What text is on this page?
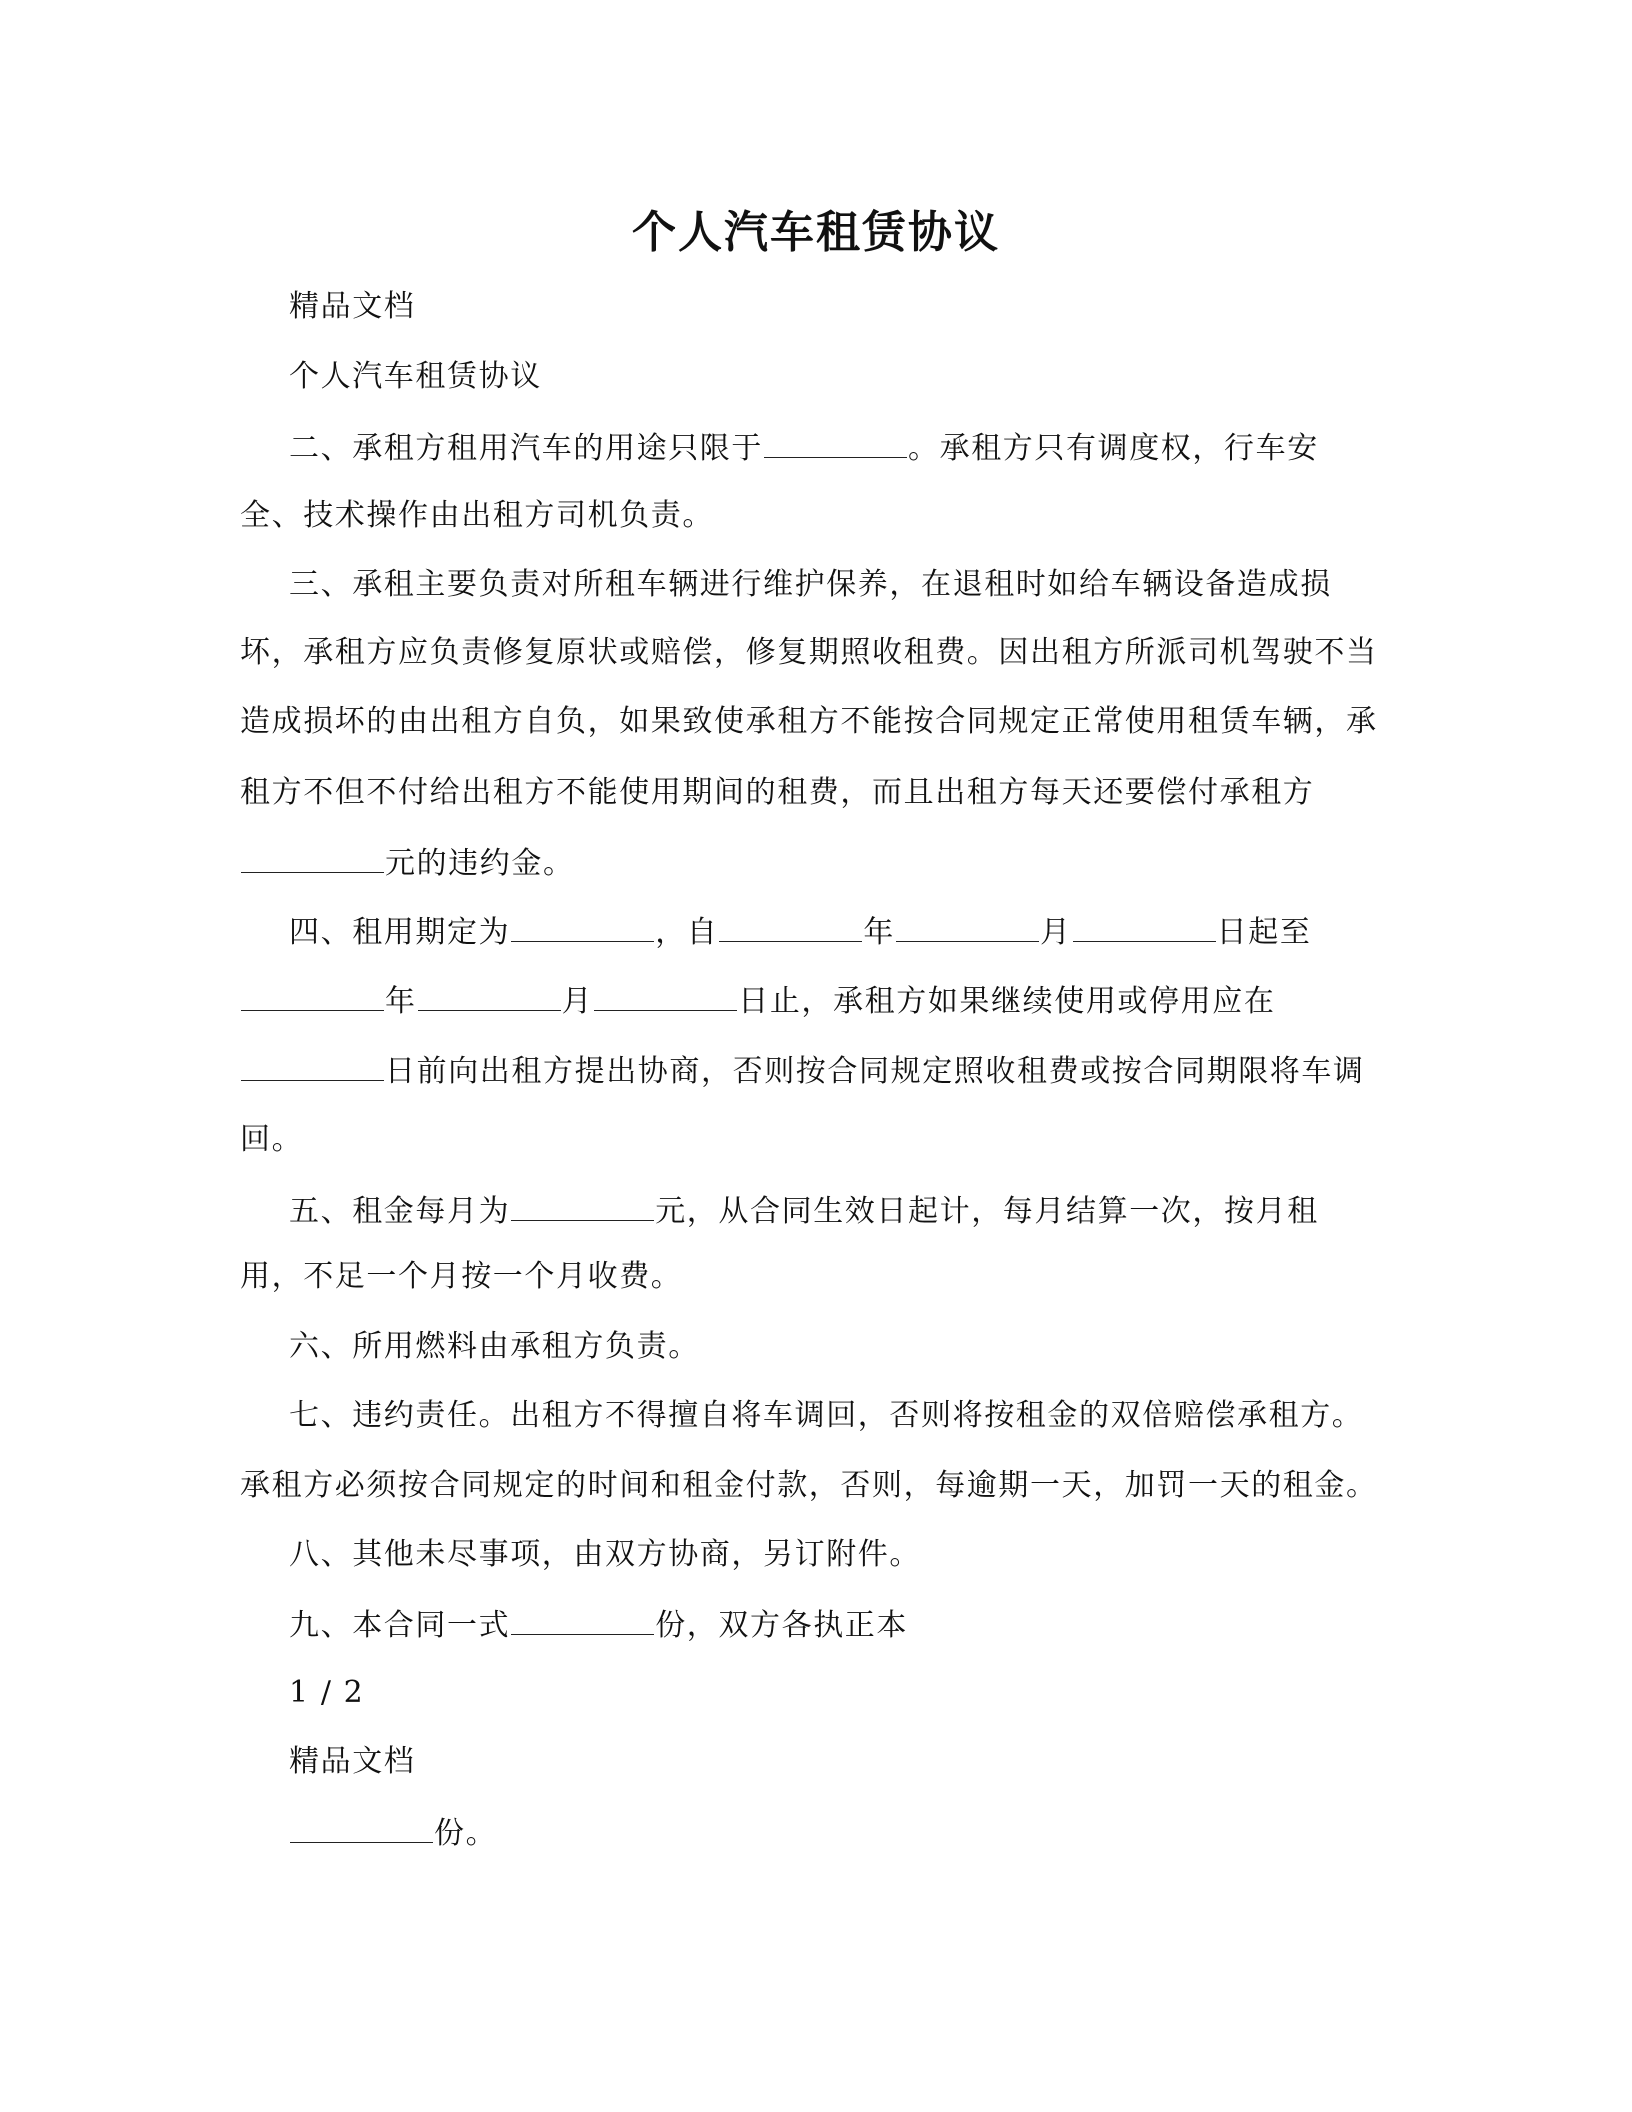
个人汽车租赁协议
精品文档
个人汽车租赁协议
二、承租方租用汽车的用途只限于	。承租方只有调度权，行车安
全、技术操作由出租方司机负责。
三、承租主要负责对所租车辆进行维护保养，在退租时如给车辆设备造成损
坏，承租方应负责修复原状或赔偿，修复期照收租费。因出租方所派司机驾驶不当
造成损坏的由出租方自负，如果致使承租方不能按合同规定正常使用租赁车辆，承
租方不但不付给出租方不能使用期间的租费，而且出租方每天还要偿付承租方
元的违约金。
四、租用期定为	，自	年	月	日起至
年	月	日止，承租方如果继续使用或停用应在
日前向出租方提出协商，否则按合同规定照收租费或按合同期限将车调
回。
五、租金每月为	元，从合同生效日起计，每月结算一次，按月租
用，不足一个月按一个月收费。
六、所用燃料由承租方负责。
七、违约责任。出租方不得擅自将车调回，否则将按租金的双倍赔偿承租方。
承租方必须按合同规定的时间和租金付款，否则，每逾期一天，加罚一天的租金。
八、其他未尽事项，由双方协商，另订附件。
九、本合同一式	份，双方各执正本
1 / 2
精品文档
份。
